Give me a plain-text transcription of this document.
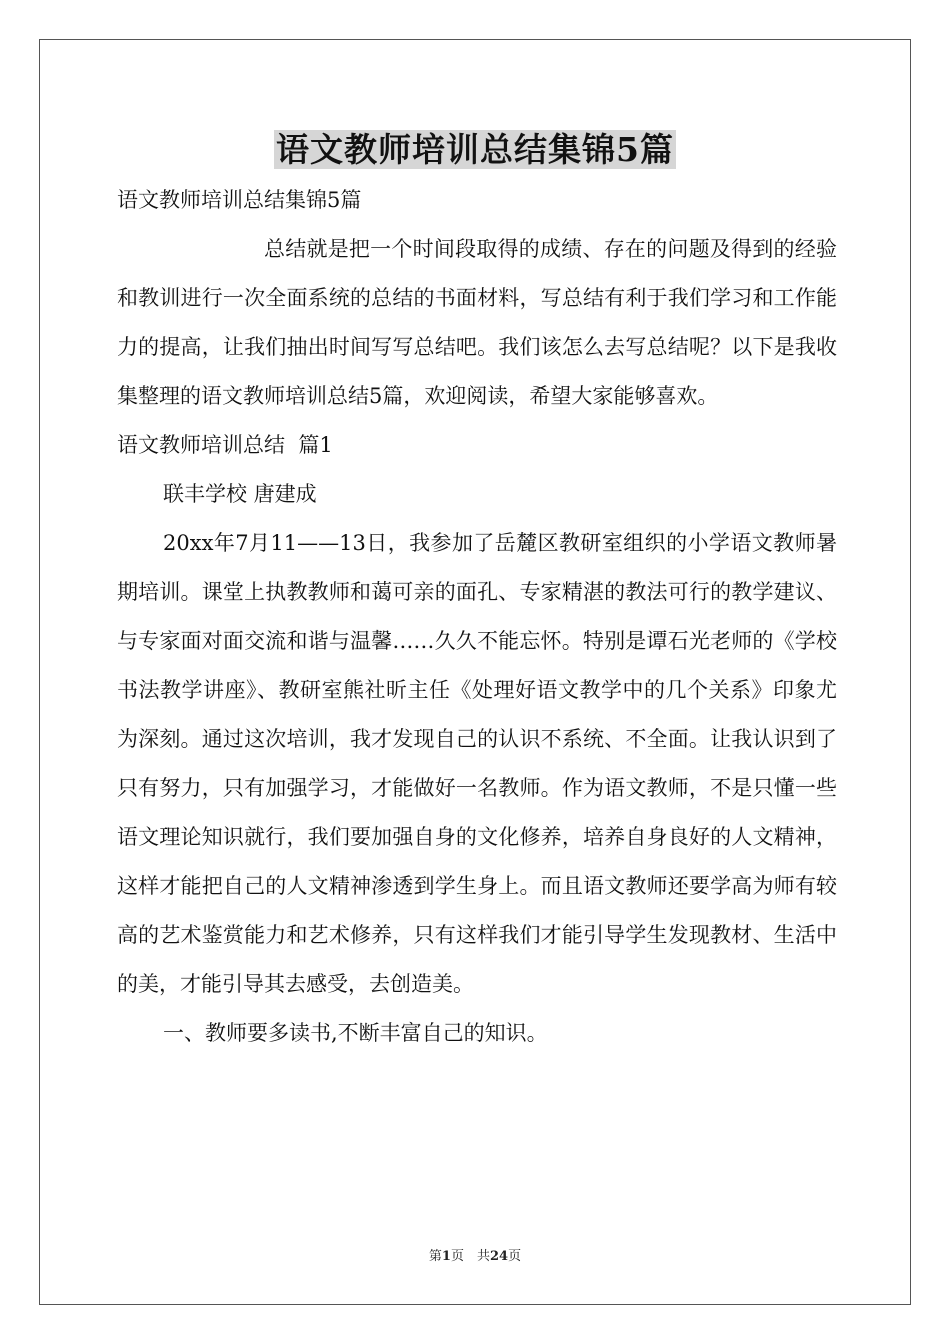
语文教师培训总结集锦5篇

语文教师培训总结集锦5篇

总结就是把一个时间段取得的成绩、存在的问题及得到的经验和教训进行一次全面系统的总结的书面材料，写总结有利于我们学习和工作能力的提高，让我们抽出时间写写总结吧。我们该怎么去写总结呢？以下是我收集整理的语文教师培训总结5篇，欢迎阅读，希望大家能够喜欢。

语文教师培训总结  篇1

联丰学校 唐建成

20xx年7月11——13日，我参加了岳麓区教研室组织的小学语文教师暑期培训。课堂上执教教师和蔼可亲的面孔、专家精湛的教法可行的教学建议、与专家面对面交流和谐与温馨……久久不能忘怀。特别是谭石光老师的《学校书法教学讲座》、教研室熊社昕主任《处理好语文教学中的几个关系》印象尤为深刻。通过这次培训，我才发现自己的认识不系统、不全面。让我认识到了只有努力，只有加强学习，才能做好一名教师。作为语文教师，不是只懂一些语文理论知识就行，我们要加强自身的文化修养，培养自身良好的人文精神，这样才能把自己的人文精神渗透到学生身上。而且语文教师还要学高为师有较高的艺术鉴赏能力和艺术修养，只有这样我们才能引导学生发现教材、生活中的美，才能引导其去感受，去创造美。

一、教师要多读书,不断丰富自己的知识。

第1页　共24页
